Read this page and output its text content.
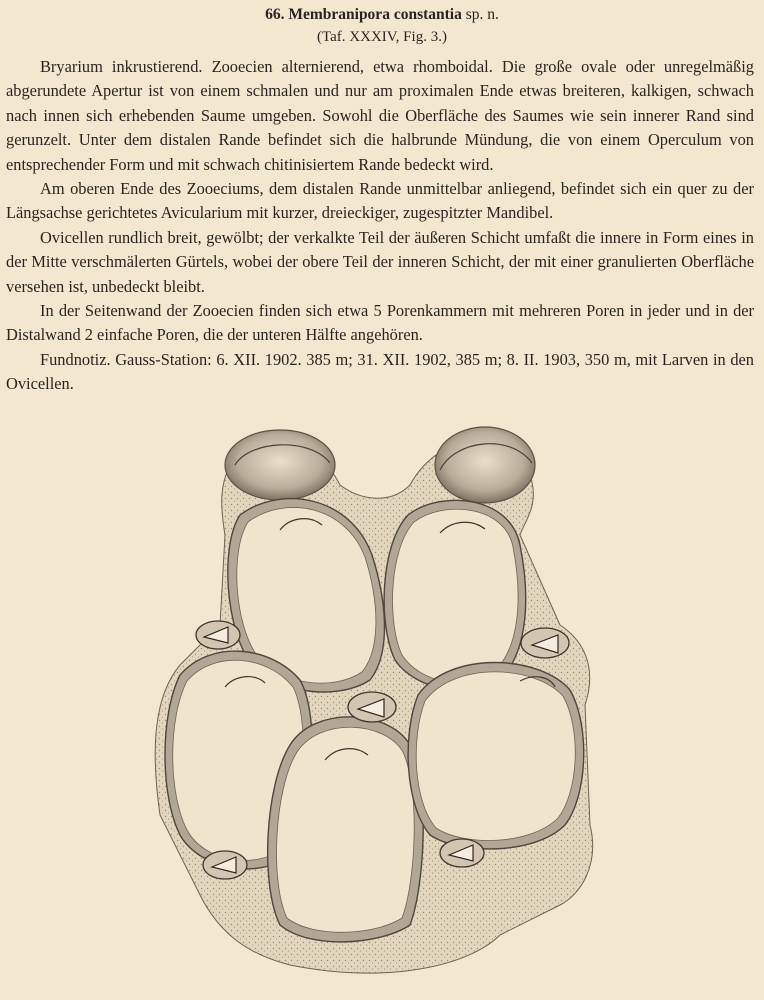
66. Membranipora constantia sp. n.
(Taf. XXXIV, Fig. 3.)

Bryarium inkrustierend. Zooecien alternierend, etwa rhomboidal. Die große ovale oder unregelmäßig abgerundete Apertur ist von einem schmalen und nur am proximalen Ende etwas breiteren, kalkigen, schwach nach innen sich erhebenden Saume umgeben. Sowohl die Oberfläche des Saumes wie sein innerer Rand sind gerunzelt. Unter dem distalen Rande befindet sich die halbrunde Mündung, die von einem Operculum von entsprechender Form und mit schwach chitinisiertem Rande bedeckt wird.

Am oberen Ende des Zooeciums, dem distalen Rande unmittelbar anliegend, befindet sich ein quer zu der Längsachse gerichtetes Avicularium mit kurzer, dreieckiger, zugespitzter Mandibel.

Ovicellen rundlich breit, gewölbt; der verkalkte Teil der äußeren Schicht umfaßt die innere in Form eines in der Mitte verschmälerten Gürtels, wobei der obere Teil der inneren Schicht, der mit einer granulierten Oberfläche versehen ist, unbedeckt bleibt.

In der Seitenwand der Zooecien finden sich etwa 5 Porenkammern mit mehreren Poren in jeder und in der Distalwand 2 einfache Poren, die der unteren Hälfte angehören.

Fundnotiz. Gauss-Station: 6. XII. 1902. 385 m; 31. XII. 1902, 385 m; 8. II. 1903, 350 m, mit Larven in den Ovicellen.
